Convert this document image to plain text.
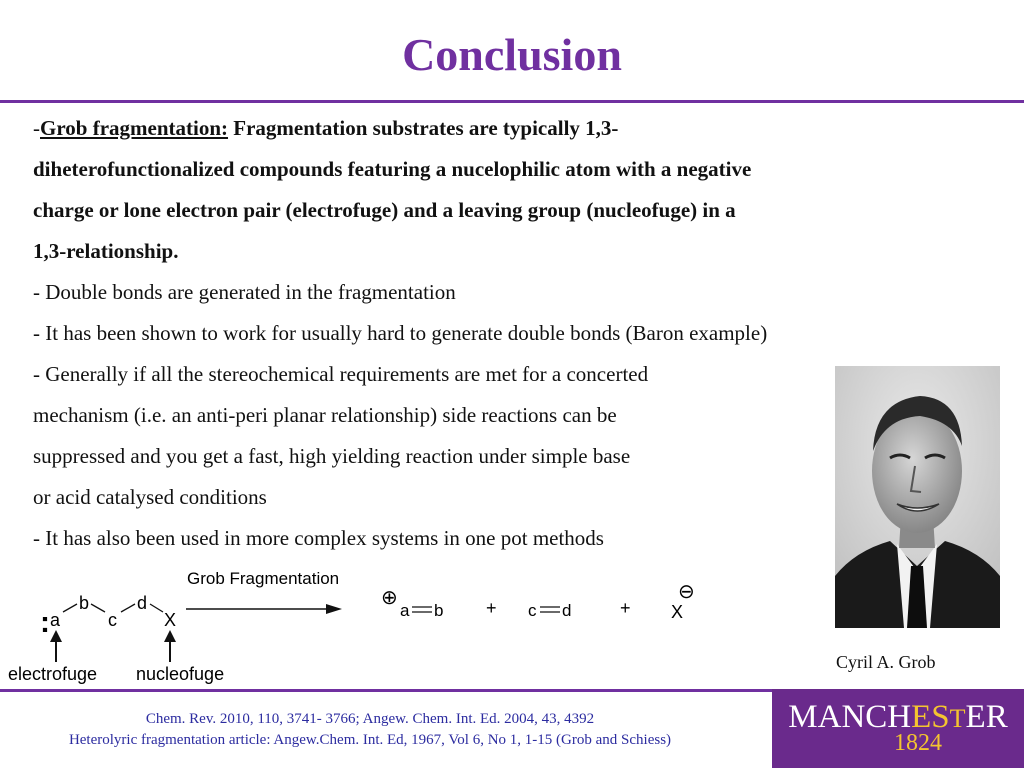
Conclusion
-Grob fragmentation: Fragmentation substrates are typically 1,3-
diheterofunctionalized compounds featuring a nucelophilic atom with a negative
charge or lone electron pair (electrofuge) and a leaving group (nucleofuge) in a
1,3-relationship.
- Double bonds are generated in the fragmentation
- It has been shown to work for usually hard to generate double bonds (Baron example)
- Generally if all the stereochemical requirements are met for a concerted
mechanism (i.e. an anti-peri planar relationship) side reactions can be
suppressed and you get a fast, high yielding reaction under simple base
or acid catalysed conditions
- It has also been used in more complex systems in one pot methods
: a
b
c
d
X
electrofuge nucleofuge
Grob Fragmentation
⊕
a b + c d	+
⊖
X
Cyril A. Grob
Chem. Rev. 2010, 110, 3741- 3766; Angew. Chem. Int. Ed. 2004, 43, 4392
Heterolyric fragmentation article: Angew.Chem. Int. Ed, 1967, Vol 6, No 1, 1-15 (Grob and Schiess)
MANCHESTER
1824
